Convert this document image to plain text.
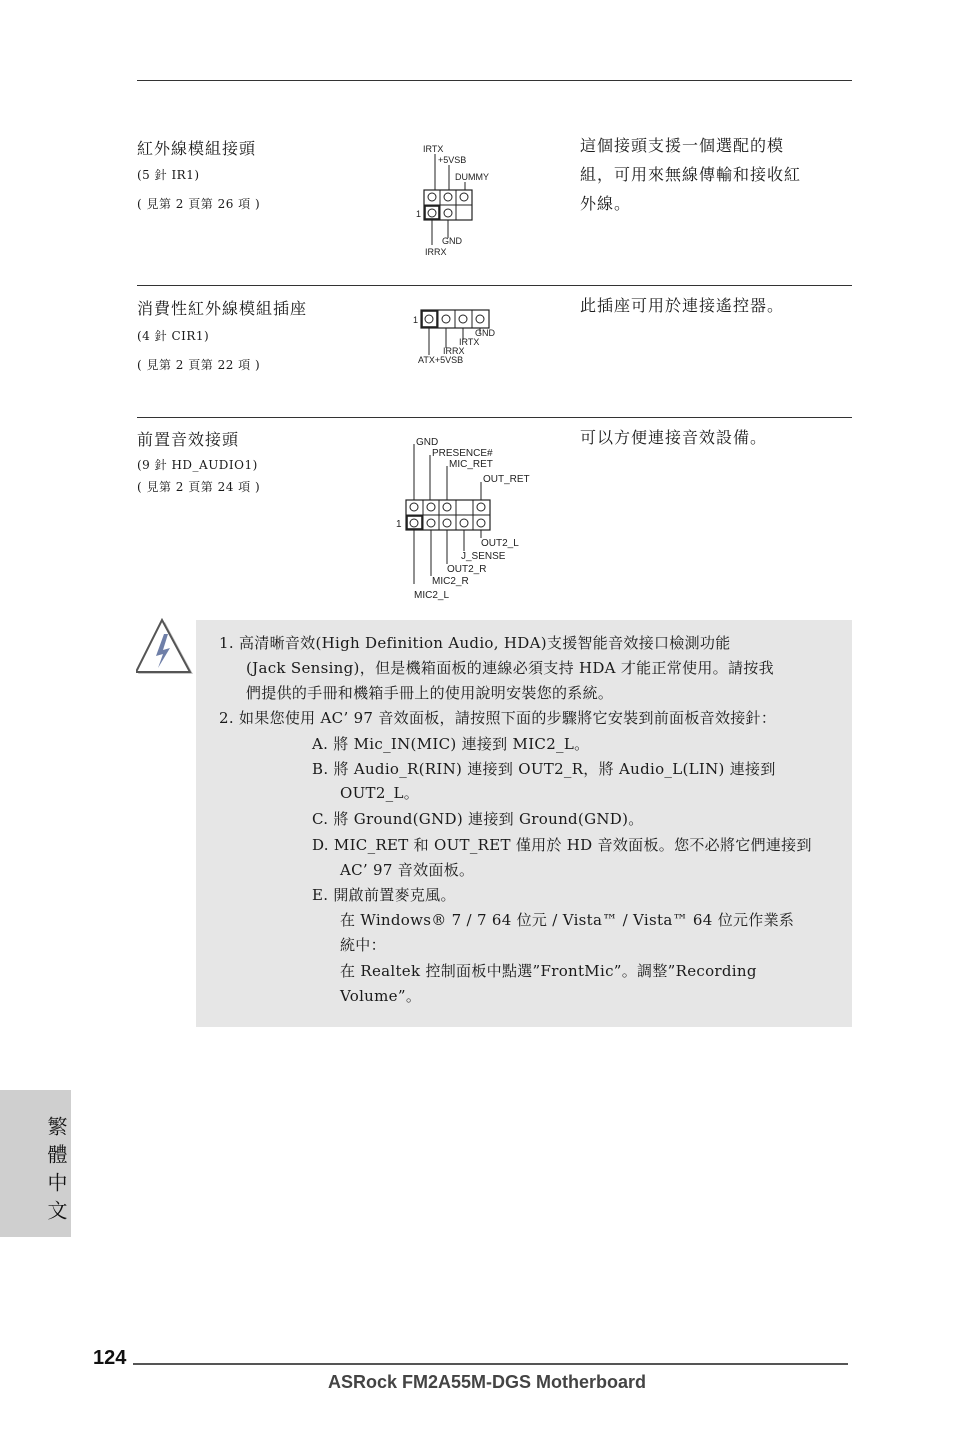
紅外線模組接頭
(5 針 IR1)
( 見第 2 頁第 26 項 )
這個接頭支援一個選配的模
組，可用來無線傳輸和接收紅
外線。
IRTX
+5VSB
DUMMY
1
GND
IRRX
消費性紅外線模組插座
(4 針 CIR1)
( 見第 2 頁第 22 項 )
此插座可用於連接遙控器。
1
GND
IRTX
IRRX
ATX+5VSB
前置音效接頭
(9 針 HD_AUDIO1)
( 見第 2 頁第 24 項 )
可以方便連接音效設備。
GND
PRESENCE#
MIC_RET
OUT_RET
1
OUT2_L
J_SENSE
OUT2_R
MIC2_R
MIC2_L
1. 高清晰音效(High Definition Audio, HDA)支援智能音效接口檢測功能
(Jack Sensing)，但是機箱面板的連線必須支持 HDA 才能正常使用。請按我
們提供的手冊和機箱手冊上的使用說明安裝您的系統。
2. 如果您使用 AC’ 97 音效面板，請按照下面的步驟將它安裝到前面板音效接針：
A. 將 Mic_IN(MIC) 連接到 MIC2_L。
B. 將 Audio_R(RIN) 連接到 OUT2_R，將 Audio_L(LIN) 連接到
OUT2_L。
C. 將 Ground(GND) 連接到 Ground(GND)。
D. MIC_RET 和 OUT_RET 僅用於 HD 音效面板。您不必將它們連接到
AC’ 97 音效面板。
E. 開啟前置麥克風。
在 Windows® 7 / 7 64 位元 / Vista™ / Vista™ 64 位元作業系
統中：
在 Realtek 控制面板中點選”FrontMic”。調整”Recording
Volume”。
繁體中文
124
ASRock FM2A55M-DGS Motherboard
